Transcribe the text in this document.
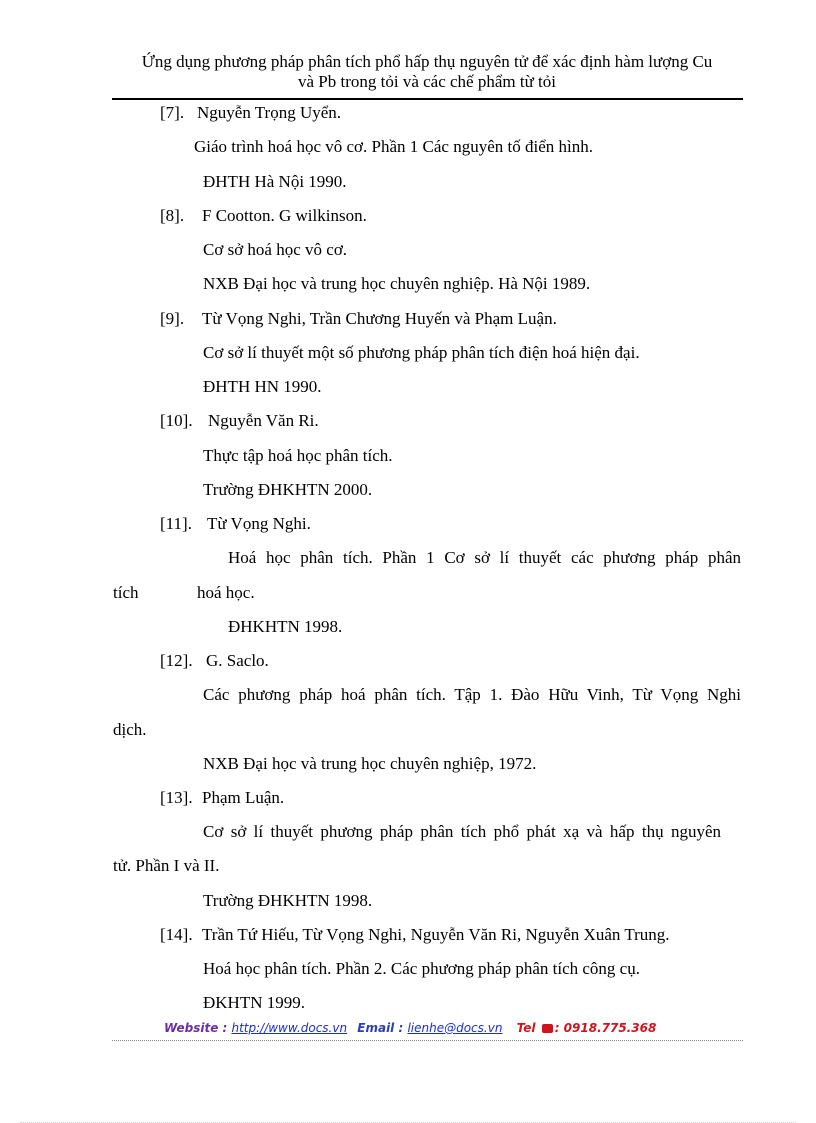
Ứng dụng phương pháp phân tích phổ hấp thụ nguyên tử để xác định hàm lượng Cu
và Pb trong tỏi và các chế phẩm từ tỏi
[7]. Nguyễn Trọng Uyển.
Giáo trình hoá học vô cơ. Phần 1 Các nguyên tố điển hình.
ĐHTH Hà Nội 1990.
[8]. F Cootton. G wilkinson.
Cơ sở hoá học vô cơ.
NXB Đại học và trung học chuyên nghiệp. Hà Nội 1989.
[9]. Từ Vọng Nghi, Trần Chương Huyến và Phạm Luận.
Cơ sở lí thuyết một số phương pháp phân tích điện hoá hiện đại.
ĐHTH HN 1990.
[10]. Nguyễn Văn Ri.
Thực tập hoá học phân tích.
Trường ĐHKHTN 2000.
[11]. Từ Vọng Nghi.
Hoá học phân tích. Phần 1 Cơ sở lí thuyết các phương pháp phân
tích	hoá học.
ĐHKHTN 1998.
[12]. G. Saclo.
Các phương pháp hoá phân tích. Tập 1. Đào Hữu Vinh, Từ Vọng Nghi
dịch.
NXB Đại học và trung học chuyên nghiệp, 1972.
[13]. Phạm Luận.
Cơ sở lí thuyết phương pháp phân tích phổ phát xạ và hấp thụ nguyên
tử. Phần I và II.
Trường ĐHKHTN 1998.
[14]. Trần Tứ Hiếu, Từ Vọng Nghi, Nguyễn Văn Ri, Nguyễn Xuân Trung.
Hoá học phân tích. Phần 2. Các phương pháp phân tích công cụ.
ĐKHTN 1999.
Website : http://www.docs.vn Email : lienhe@docs.vn Tel : 0918.775.368
